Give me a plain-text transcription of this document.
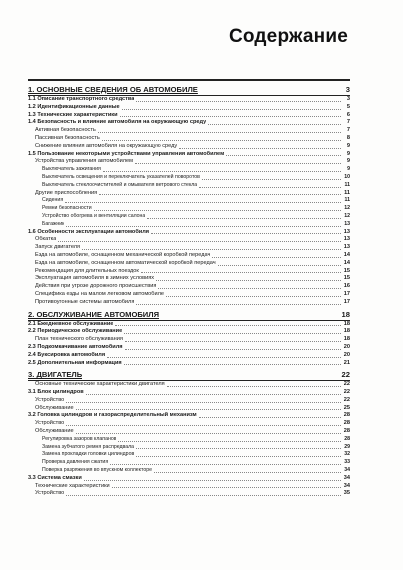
Содержание
1. ОСНОВНЫЕ СВЕДЕНИЯ ОБ АВТОМОБИЛЕ	3
1.1 Описание транспортного средства	3
1.2 Идентификационные данные	5
1.3 Технические характеристики	6
1.4 Безопасность и влияние автомобиля на окружающую среду	7
Активная безопасность	7
Пассивная безопасность	8
Снижение влияния автомобиля на окружающую среду	9
1.5 Пользование некоторыми устройствами управления автомобилем	9
Устройства управления автомобилем	9
Выключатель зажигания	9
Выключатель освещения и переключатель указателей поворотов	10
Выключатель стеклоочистителей и омывателя ветрового стекла	11
Другие приспособления	11
Сидения	11
Ремни безопасности	12
Устройство обогрева и вентиляции салона	12
Багажник	13
1.6 Особенности эксплуатации автомобиля	13
Обкатка	13
Запуск двигателя	13
Езда на автомобиле, оснащенном механической коробкой передач	14
Езда на автомобиле, оснащенном автоматической коробкой передач	14
Рекомендация для длительных поездок	15
Эксплуатация автомобиля в зимних условиях	15
Действия при угрозе дорожного происшествия	16
Специфика езды на малом легковом автомобиле	17
Противоугонные системы автомобиля	17
2. ОБСЛУЖИВАНИЕ АВТОМОБИЛЯ	18
2.1 Ежедневное обслуживание	18
2.2 Периодическое обслуживание	18
План технического обслуживания	18
2.3 Подкомкачивание автомобиля	20
2.4 Буксировка автомобиля	20
2.5 Дополнительная информация	21
3. ДВИГАТЕЛЬ	22
Основные технические характеристики двигателя	22
3.1 Блок цилиндров	22
Устройство	22
Обслуживание	25
3.2 Головка цилиндров и газораспределительный механизм	28
Устройство	28
Обслуживание	28
Регулировка зазоров клапанов	28
Замена зубчатого ремня распредвала	29
Замена прокладки головки цилиндров	32
Проверка давления сжатия	33
Поверка разряжения во впускном коллекторе	34
3.3 Система смазки	34
Технические характеристики	34
Устройство	35
